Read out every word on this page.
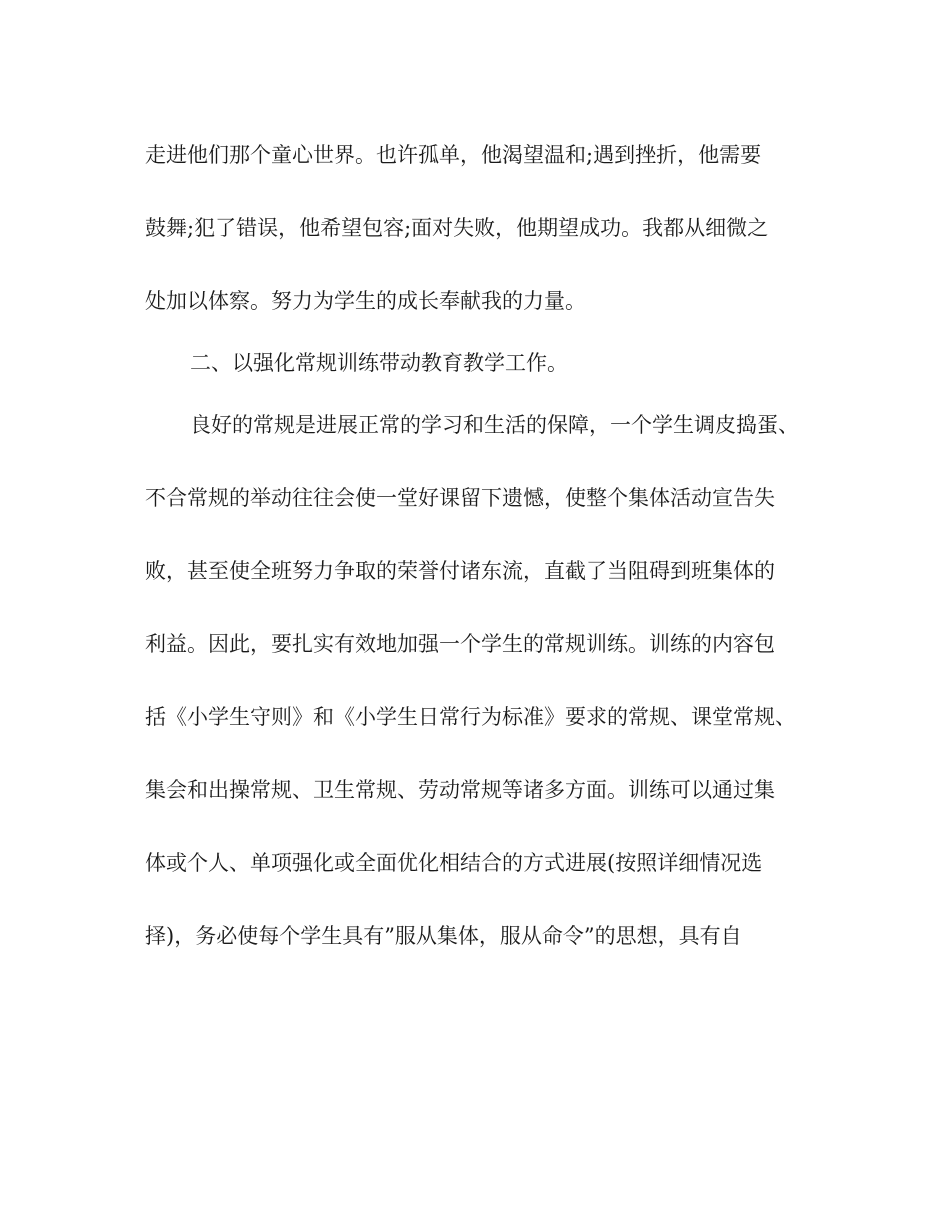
走进他们那个童心世界。也许孤单，他渴望温和;遇到挫折，他需要

鼓舞;犯了错误，他希望包容;面对失败，他期望成功。我都从细微之

处加以体察。努力为学生的成长奉献我的力量。

二、以强化常规训练带动教育教学工作。

良好的常规是进展正常的学习和生活的保障，一个学生调皮捣蛋、

不合常规的举动往往会使一堂好课留下遗憾，使整个集体活动宣告失

败，甚至使全班努力争取的荣誉付诸东流，直截了当阻碍到班集体的

利益。因此，要扎实有效地加强一个学生的常规训练。训练的内容包

括《小学生守则》和《小学生日常行为标准》要求的常规、课堂常规、

集会和出操常规、卫生常规、劳动常规等诸多方面。训练可以通过集

体或个人、单项强化或全面优化相结合的方式进展(按照详细情况选

择)，务必使每个学生具有”服从集体，服从命令”的思想，具有自
